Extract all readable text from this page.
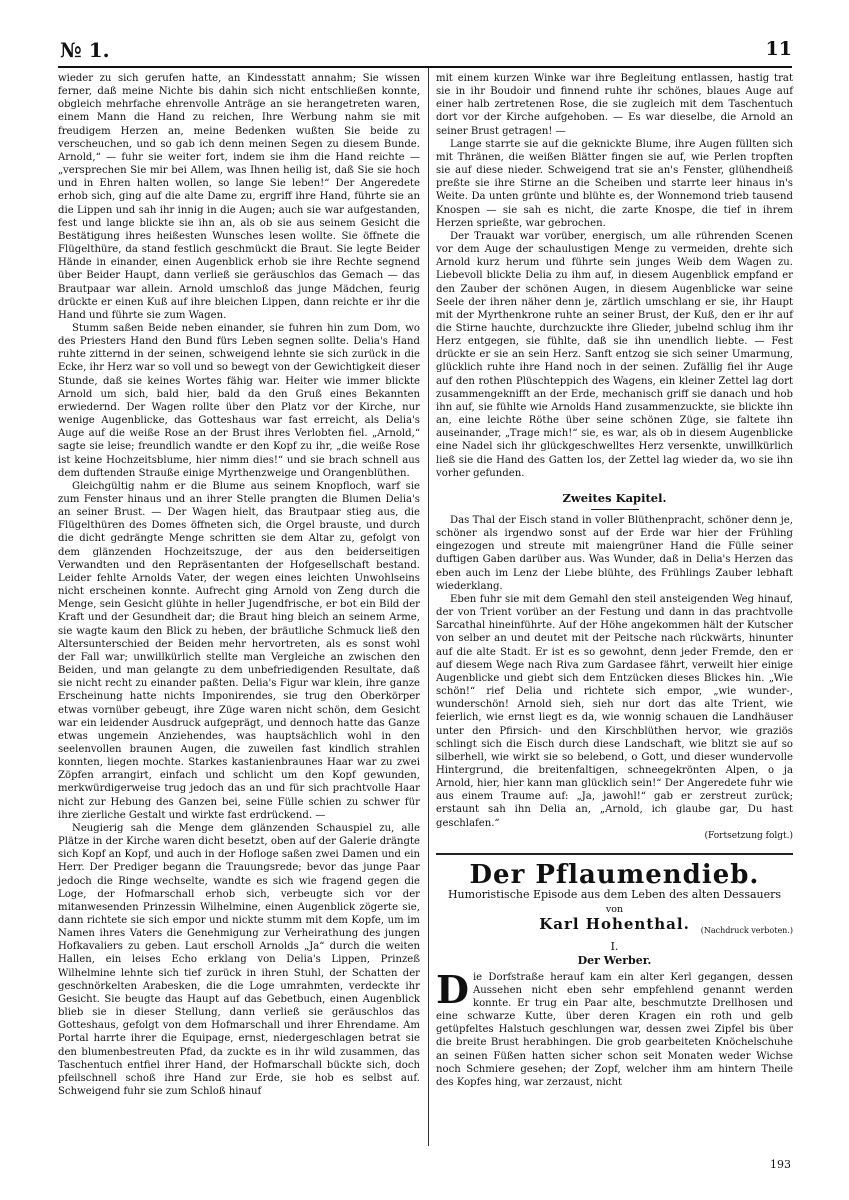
№ 1.	11

wieder zu sich gerufen hatte, an Kindesstatt annahm; Sie wissen ferner, daß meine Nichte bis dahin sich nicht entschließen konnte, obgleich mehrfache ehrenvolle Anträge an sie herangetreten waren, einem Mann die Hand zu reichen, Ihre Werbung nahm sie mit freudigem Herzen an, meine Bedenken wußten Sie beide zu verscheuchen, und so gab ich denn meinen Segen zu diesem Bunde. Arnold,“ — fuhr sie weiter fort, indem sie ihm die Hand reichte — „versprechen Sie mir bei Allem, was Ihnen heilig ist, daß Sie sie hoch und in Ehren halten wollen, so lange Sie leben!“ Der Angeredete erhob sich, ging auf die alte Dame zu, ergriff ihre Hand, führte sie an die Lippen und sah ihr innig in die Augen; auch sie war aufgestanden, fest und lange blickte sie ihn an, als ob sie aus seinem Gesicht die Bestätigung ihres heißesten Wunsches lesen wollte. Sie öffnete die Flügelthüre, da stand festlich geschmückt die Braut. Sie legte Beider Hände in einander, einen Augenblick erhob sie ihre Rechte segnend über Beider Haupt, dann verließ sie geräuschlos das Gemach — das Brautpaar war allein. Arnold umschloß das junge Mädchen, feurig drückte er einen Kuß auf ihre bleichen Lippen, dann reichte er ihr die Hand und führte sie zum Wagen.

Stumm saßen Beide neben einander, sie fuhren hin zum Dom, wo des Priesters Hand den Bund fürs Leben segnen sollte. Delia's Hand ruhte zitternd in der seinen, schweigend lehnte sie sich zurück in die Ecke, ihr Herz war so voll und so bewegt von der Gewichtigkeit dieser Stunde, daß sie keines Wortes fähig war. Heiter wie immer blickte Arnold um sich, bald hier, bald da den Gruß eines Bekannten erwiedernd. Der Wagen rollte über den Platz vor der Kirche, nur wenige Augenblicke, das Gotteshaus war fast erreicht, als Delia's Auge auf die weiße Rose an der Brust ihres Verlobten fiel. „Arnold,“ sagte sie leise; freundlich wandte er den Kopf zu ihr, „die weiße Rose ist keine Hochzeitsblume, hier nimm dies!“ und sie brach schnell aus dem duftenden Strauße einige Myrthenzweige und Orangenblüthen.

Gleichgültig nahm er die Blume aus seinem Knopfloch, warf sie zum Fenster hinaus und an ihrer Stelle prangten die Blumen Delia's an seiner Brust. — Der Wagen hielt, das Brautpaar stieg aus, die Flügelthüren des Domes öffneten sich, die Orgel brauste, und durch die dicht gedrängte Menge schritten sie dem Altar zu, gefolgt von dem glänzenden Hochzeitszuge, der aus den beiderseitigen Verwandten und den Repräsentanten der Hofgesellschaft bestand. Leider fehlte Arnolds Vater, der wegen eines leichten Unwohlseins nicht erscheinen konnte. Aufrecht ging Arnold von Zeng durch die Menge, sein Gesicht glühte in heller Jugendfrische, er bot ein Bild der Kraft und der Gesundheit dar; die Braut hing bleich an seinem Arme, sie wagte kaum den Blick zu heben, der bräutliche Schmuck ließ den Altersunterschied der Beiden mehr hervortreten, als es sonst wohl der Fall war; unwillkürlich stellte man Vergleiche an zwischen den Beiden, und man gelangte zu dem unbefriedigenden Resultate, daß sie nicht recht zu einander paßten. Delia's Figur war klein, ihre ganze Erscheinung hatte nichts Imponirendes, sie trug den Oberkörper etwas vornüber gebeugt, ihre Züge waren nicht schön, dem Gesicht war ein leidender Ausdruck aufgeprägt, und dennoch hatte das Ganze etwas ungemein Anziehendes, was hauptsächlich wohl in den seelenvollen braunen Augen, die zuweilen fast kindlich strahlen konnten, liegen mochte. Starkes kastanienbraunes Haar war zu zwei Zöpfen arrangirt, einfach und schlicht um den Kopf gewunden, merkwürdigerweise trug jedoch das an und für sich prachtvolle Haar nicht zur Hebung des Ganzen bei, seine Fülle schien zu schwer für ihre zierliche Gestalt und wirkte fast erdrückend. —

Neugierig sah die Menge dem glänzenden Schauspiel zu, alle Plätze in der Kirche waren dicht besetzt, oben auf der Galerie drängte sich Kopf an Kopf, und auch in der Hofloge saßen zwei Damen und ein Herr. Der Prediger begann die Trauungsrede; bevor das junge Paar jedoch die Ringe wechselte, wandte es sich wie fragend gegen die Loge, der Hofmarschall erhob sich, verbeugte sich vor der mitanwesenden Prinzessin Wilhelmine, einen Augenblick zögerte sie, dann richtete sie sich empor und nickte stumm mit dem Kopfe, um im Namen ihres Vaters die Genehmigung zur Verheirathung des jungen Hofkavaliers zu geben. Laut erscholl Arnolds „Ja“ durch die weiten Hallen, ein leises Echo erklang von Delia's Lippen, Prinzeß Wilhelmine lehnte sich tief zurück in ihren Stuhl, der Schatten der geschnörkelten Arabesken, die die Loge umrahmten, verdeckte ihr Gesicht. Sie beugte das Haupt auf das Gebetbuch, einen Augenblick blieb sie in dieser Stellung, dann verließ sie geräuschlos das Gotteshaus, gefolgt von dem Hofmarschall und ihrer Ehrendame. Am Portal harrte ihrer die Equipage, ernst, niedergeschlagen betrat sie den blumenbestreuten Pfad, da zuckte es in ihr wild zusammen, das Taschentuch entfiel ihrer Hand, der Hofmarschall bückte sich, doch pfeilschnell schoß ihre Hand zur Erde, sie hob es selbst auf. Schweigend fuhr sie zum Schloß hinauf

mit einem kurzen Winke war ihre Begleitung entlassen, hastig trat sie in ihr Boudoir und finnend ruhte ihr schönes, blaues Auge auf einer halb zertretenen Rose, die sie zugleich mit dem Taschentuch dort vor der Kirche aufgehoben. — Es war dieselbe, die Arnold an seiner Brust getragen! —

Lange starrte sie auf die geknickte Blume, ihre Augen füllten sich mit Thränen, die weißen Blätter fingen sie auf, wie Perlen tropften sie auf diese nieder. Schweigend trat sie an's Fenster, glühendheiß preßte sie ihre Stirne an die Scheiben und starrte leer hinaus in's Weite. Da unten grünte und blühte es, der Wonnemond trieb tausend Knospen — sie sah es nicht, die zarte Knospe, die tief in ihrem Herzen sprießte, war gebrochen.

Der Trauakt war vorüber, energisch, um alle rührenden Scenen vor dem Auge der schaulustigen Menge zu vermeiden, drehte sich Arnold kurz herum und führte sein junges Weib dem Wagen zu. Liebevoll blickte Delia zu ihm auf, in diesem Augenblick empfand er den Zauber der schönen Augen, in diesem Augenblicke war seine Seele der ihren näher denn je, zärtlich umschlang er sie, ihr Haupt mit der Myrthenkrone ruhte an seiner Brust, der Kuß, den er ihr auf die Stirne hauchte, durchzuckte ihre Glieder, jubelnd schlug ihm ihr Herz entgegen, sie fühlte, daß sie ihn unendlich liebte. — Fest drückte er sie an sein Herz. Sanft entzog sie sich seiner Umarmung, glücklich ruhte ihre Hand noch in der seinen. Zufällig fiel ihr Auge auf den rothen Plüschteppich des Wagens, ein kleiner Zettel lag dort zusammengeknifft an der Erde, mechanisch griff sie danach und hob ihn auf, sie fühlte wie Arnolds Hand zusammenzuckte, sie blickte ihn an, eine leichte Röthe über seine schönen Züge, sie faltete ihn auseinander, „Trage mich!“ sie, es war, als ob in diesem Augenblicke eine Nadel sich ihr glückgeschwelltes Herz versenkte, unwillkürlich ließ sie die Hand des Gatten los, der Zettel lag wieder da, wo sie ihn vorher gefunden.

Zweites Kapitel.

Das Thal der Eisch stand in voller Blüthenpracht, schöner denn je, schöner als irgendwo sonst auf der Erde war hier der Frühling eingezogen und streute mit maiengrüner Hand die Fülle seiner duftigen Gaben darüber aus. Was Wunder, daß in Delia's Herzen das eben auch im Lenz der Liebe blühte, des Frühlings Zauber lebhaft wiederklang.

Eben fuhr sie mit dem Gemahl den steil ansteigenden Weg hinauf, der von Trient vorüber an der Festung und dann in das prachtvolle Sarcathal hineinführte. Auf der Höhe angekommen hält der Kutscher von selber an und deutet mit der Peitsche nach rückwärts, hinunter auf die alte Stadt. Er ist es so gewohnt, denn jeder Fremde, den er auf diesem Wege nach Riva zum Gardasee fährt, verweilt hier einige Augenblicke und giebt sich dem Entzücken dieses Blickes hin. „Wie schön!“ rief Delia und richtete sich empor, „wie wunder-, wunderschön! Arnold sieh, sieh nur dort das alte Trient, wie feierlich, wie ernst liegt es da, wie wonnig schauen die Landhäuser unter den Pfirsich- und den Kirschblüthen hervor, wie graziös schlingt sich die Eisch durch diese Landschaft, wie blitzt sie auf so silberhell, wie wirkt sie so belebend, o Gott, und dieser wundervolle Hintergrund, die breitenfaltigen, schneegekrönten Alpen, o ja Arnold, hier, hier kann man glücklich sein!“ Der Angeredete fuhr wie aus einem Traume auf: „Ja, jawohl!“ gab er zerstreut zurück; erstaunt sah ihn Delia an, „Arnold, ich glaube gar, Du hast geschlafen.“

(Fortsetzung folgt.)
Der Pflaumendieb.
Humoristische Episode aus dem Leben des alten Dessauers
von
Karl Hohenthal.	(Nachdruck verboten.)
I.
Der Werber.

Die Dorfstraße herauf kam ein alter Kerl gegangen, dessen Aussehen nicht eben sehr empfehlend genannt werden konnte. Er trug ein Paar alte, beschmutzte Drellhosen und eine schwarze Kutte, über deren Kragen ein roth und gelb getüpfeltes Halstuch geschlungen war, dessen zwei Zipfel bis über die breite Brust herabhingen. Die grob gearbeiteten Knöchelschuhe an seinen Füßen hatten sicher schon seit Monaten weder Wichse noch Schmiere gesehen; der Zopf, welcher ihm am hintern Theile des Kopfes hing, war zerzaust, nicht

193
